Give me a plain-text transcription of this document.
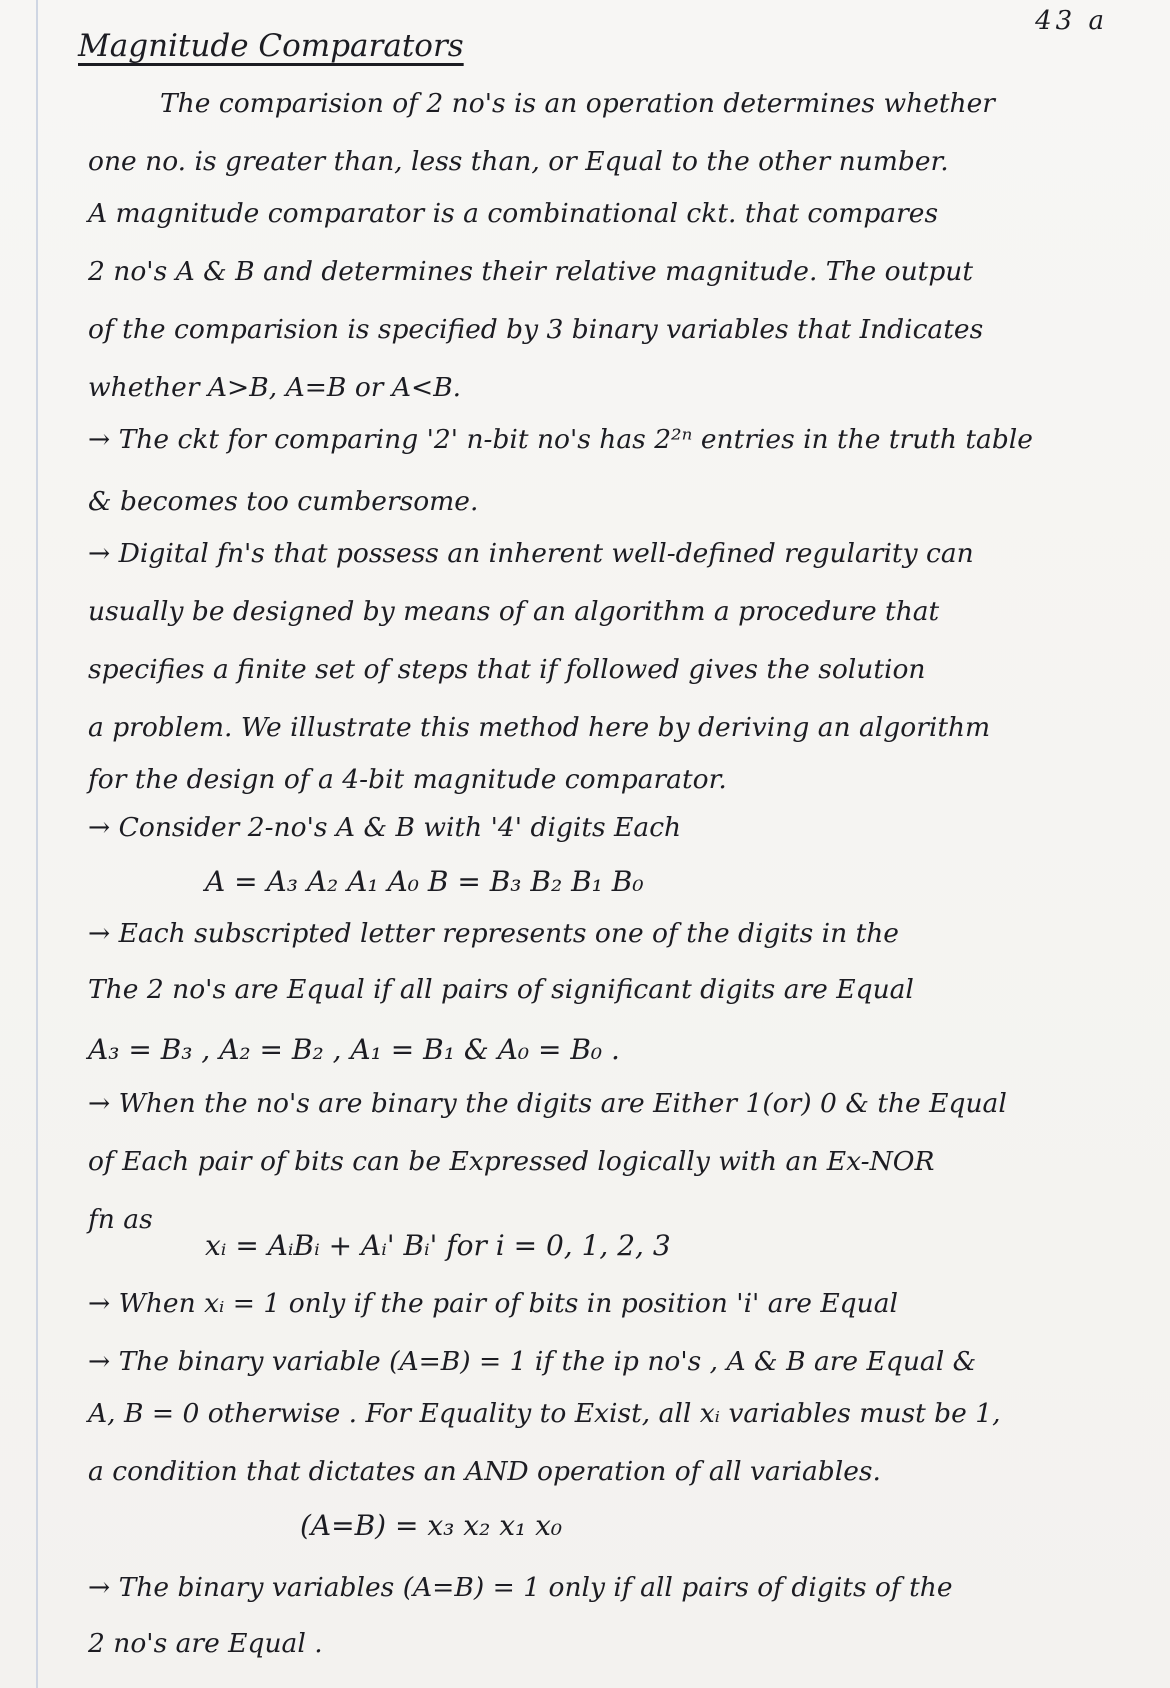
43 a
Magnitude Comparators
The comparision of 2 no's is an operation determines whether
one no. is greater than, less than, or Equal to the other number.
A magnitude comparator is a combinational ckt. that compares
2 no's A & B and determines their relative magnitude. The output
of the comparision is specified by 3 binary variables that Indicates
whether A>B, A=B or A<B.
→ The ckt for comparing '2' n-bit no's has 2²ⁿ entries in the truth table
& becomes too cumbersome.
→ Digital fn's that possess an inherent well-defined regularity can
usually be designed by means of an algorithm a procedure that
specifies a finite set of steps that if followed gives the solution
a problem. We illustrate this method here by deriving an algorithm
for the design of a 4-bit magnitude comparator.
→ Consider 2-no's A & B with '4' digits Each
A = A₃ A₂ A₁ A₀ B = B₃ B₂ B₁ B₀
→ Each subscripted letter represents one of the digits in the
The 2 no's are Equal if all pairs of significant digits are Equal
A₃ = B₃ , A₂ = B₂ , A₁ = B₁ & A₀ = B₀ .
→ When the no's are binary the digits are Either 1(or) 0 & the Equal
of Each pair of bits can be Expressed logically with an Ex-NOR
fn as
xᵢ = AᵢBᵢ + Aᵢ' Bᵢ' for i = 0, 1, 2, 3
→ When xᵢ = 1 only if the pair of bits in position 'i' are Equal
→ The binary variable (A=B) = 1 if the ip no's , A & B are Equal &
A, B = 0 otherwise . For Equality to Exist, all xᵢ variables must be 1,
a condition that dictates an AND operation of all variables.
(A=B) = x₃ x₂ x₁ x₀
→ The binary variables (A=B) = 1 only if all pairs of digits of the
2 no's are Equal .
